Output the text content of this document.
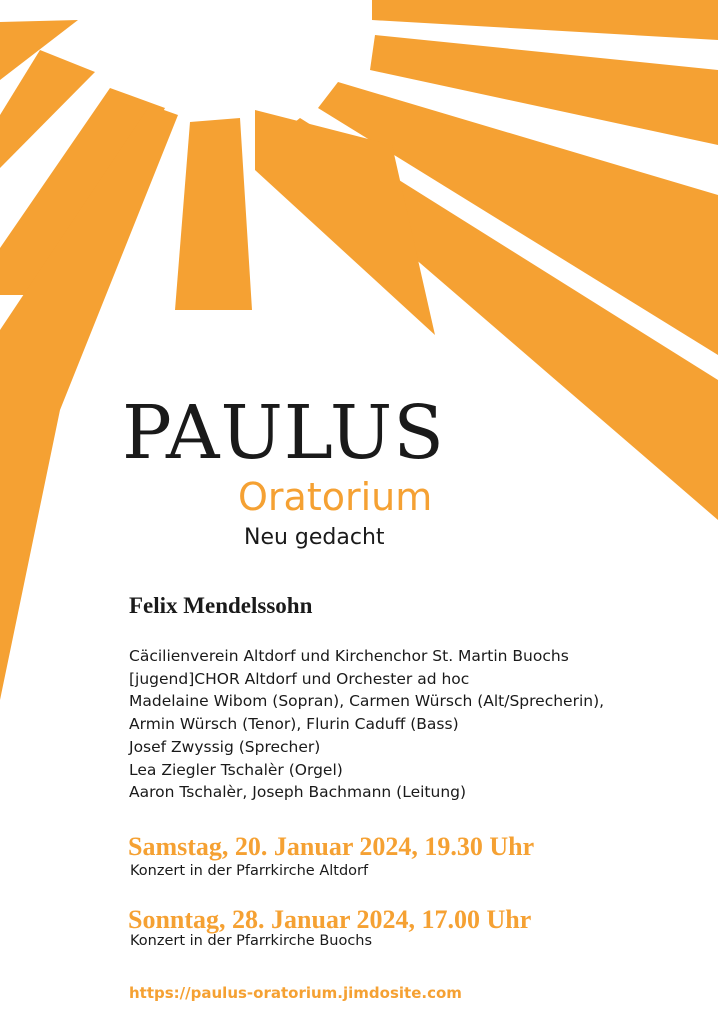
PAULUS
Oratorium
Neu gedacht
Felix Mendelssohn
Cäcilienverein Altdorf und Kirchenchor St. Martin Buochs
[jugend]CHOR Altdorf und Orchester ad hoc
Madelaine Wibom (Sopran), Carmen Würsch (Alt/Sprecherin),
Armin Würsch (Tenor), Flurin Caduff (Bass)
Josef Zwyssig (Sprecher)
Lea Ziegler Tschalèr (Orgel)
Aaron Tschalèr, Joseph Bachmann (Leitung)
Samstag, 20. Januar 2024, 19.30 Uhr
Konzert in der Pfarrkirche Altdorf
Sonntag, 28. Januar 2024, 17.00 Uhr
Konzert in der Pfarrkirche Buochs
https://paulus-oratorium.jimdosite.com
